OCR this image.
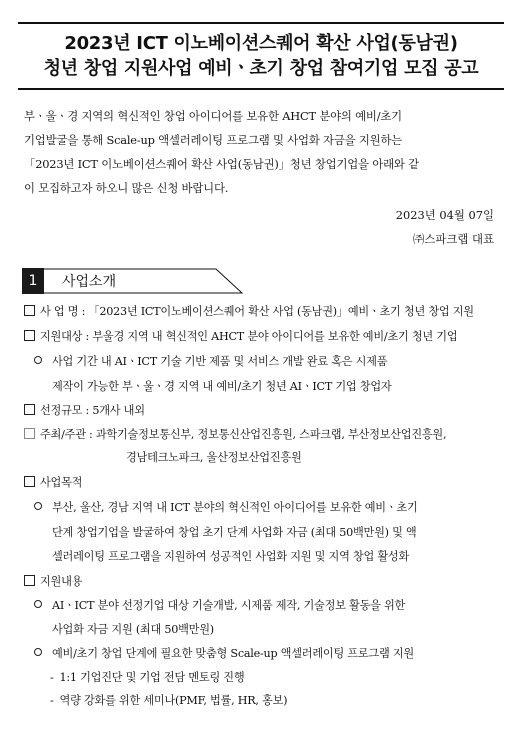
2023년 ICT 이노베이션스퀘어 확산 사업(동남권)
청년 창업 지원사업 예비ㆍ초기 창업 참여기업 모집 공고
부ㆍ울ㆍ경 지역의 혁신적인 창업 아이디어를 보유한 AHCT 분야의 예비/초기
기업발굴을 통해 Scale-up 액셀러레이팅 프로그램 및 사업화 자금을 지원하는
「2023년 ICT 이노베이션스퀘어 확산 사업(동남권)」청년 창업기업을 아래와 같
이 모집하고자 하오니 많은 신청 바랍니다.
2023년 04월 07일
㈜스파크랩 대표
1	사업소개
사 업 명 : 「2023년 ICT이노베이션스퀘어 확산 사업 (동남권)」예비ㆍ초기 청년 창업 지원
지원대상 : 부울경 지역 내 혁신적인 AHCT 분야 아이디어를 보유한 예비/초기 청년 기업
사업 기간 내 AIㆍICT 기술 기반 제품 및 서비스 개발 완료 혹은 시제품
제작이 가능한 부ㆍ울ㆍ경 지역 내 예비/초기 청년 AIㆍICT 기업 창업자
선정규모 : 5개사 내외
주최/주관 : 과학기술정보통신부, 정보통신산업진흥원, 스파크랩, 부산정보산업진흥원,
경남테크노파크, 울산정보산업진흥원
사업목적
부산, 울산, 경남 지역 내 ICT 분야의 혁신적인 아이디어를 보유한 예비ㆍ초기
단계 창업기업을 발굴하여 창업 초기 단계 사업화 자금 (최대 50백만원) 및 액
셀러레이팅 프로그램을 지원하여 성공적인 사업화 지원 및 지역 창업 활성화
지원내용
AIㆍICT 분야 선정기업 대상 기술개발, 시제품 제작, 기술정보 활동을 위한
사업화 자금 지원 (최대 50백만원)
예비/초기 창업 단계에 필요한 맞춤형 Scale-up 액셀러레이팅 프로그램 지원
- 1:1 기업진단 및 기업 전담 멘토링 진행
- 역량 강화를 위한 세미나(PMF, 법률, HR, 홍보)
